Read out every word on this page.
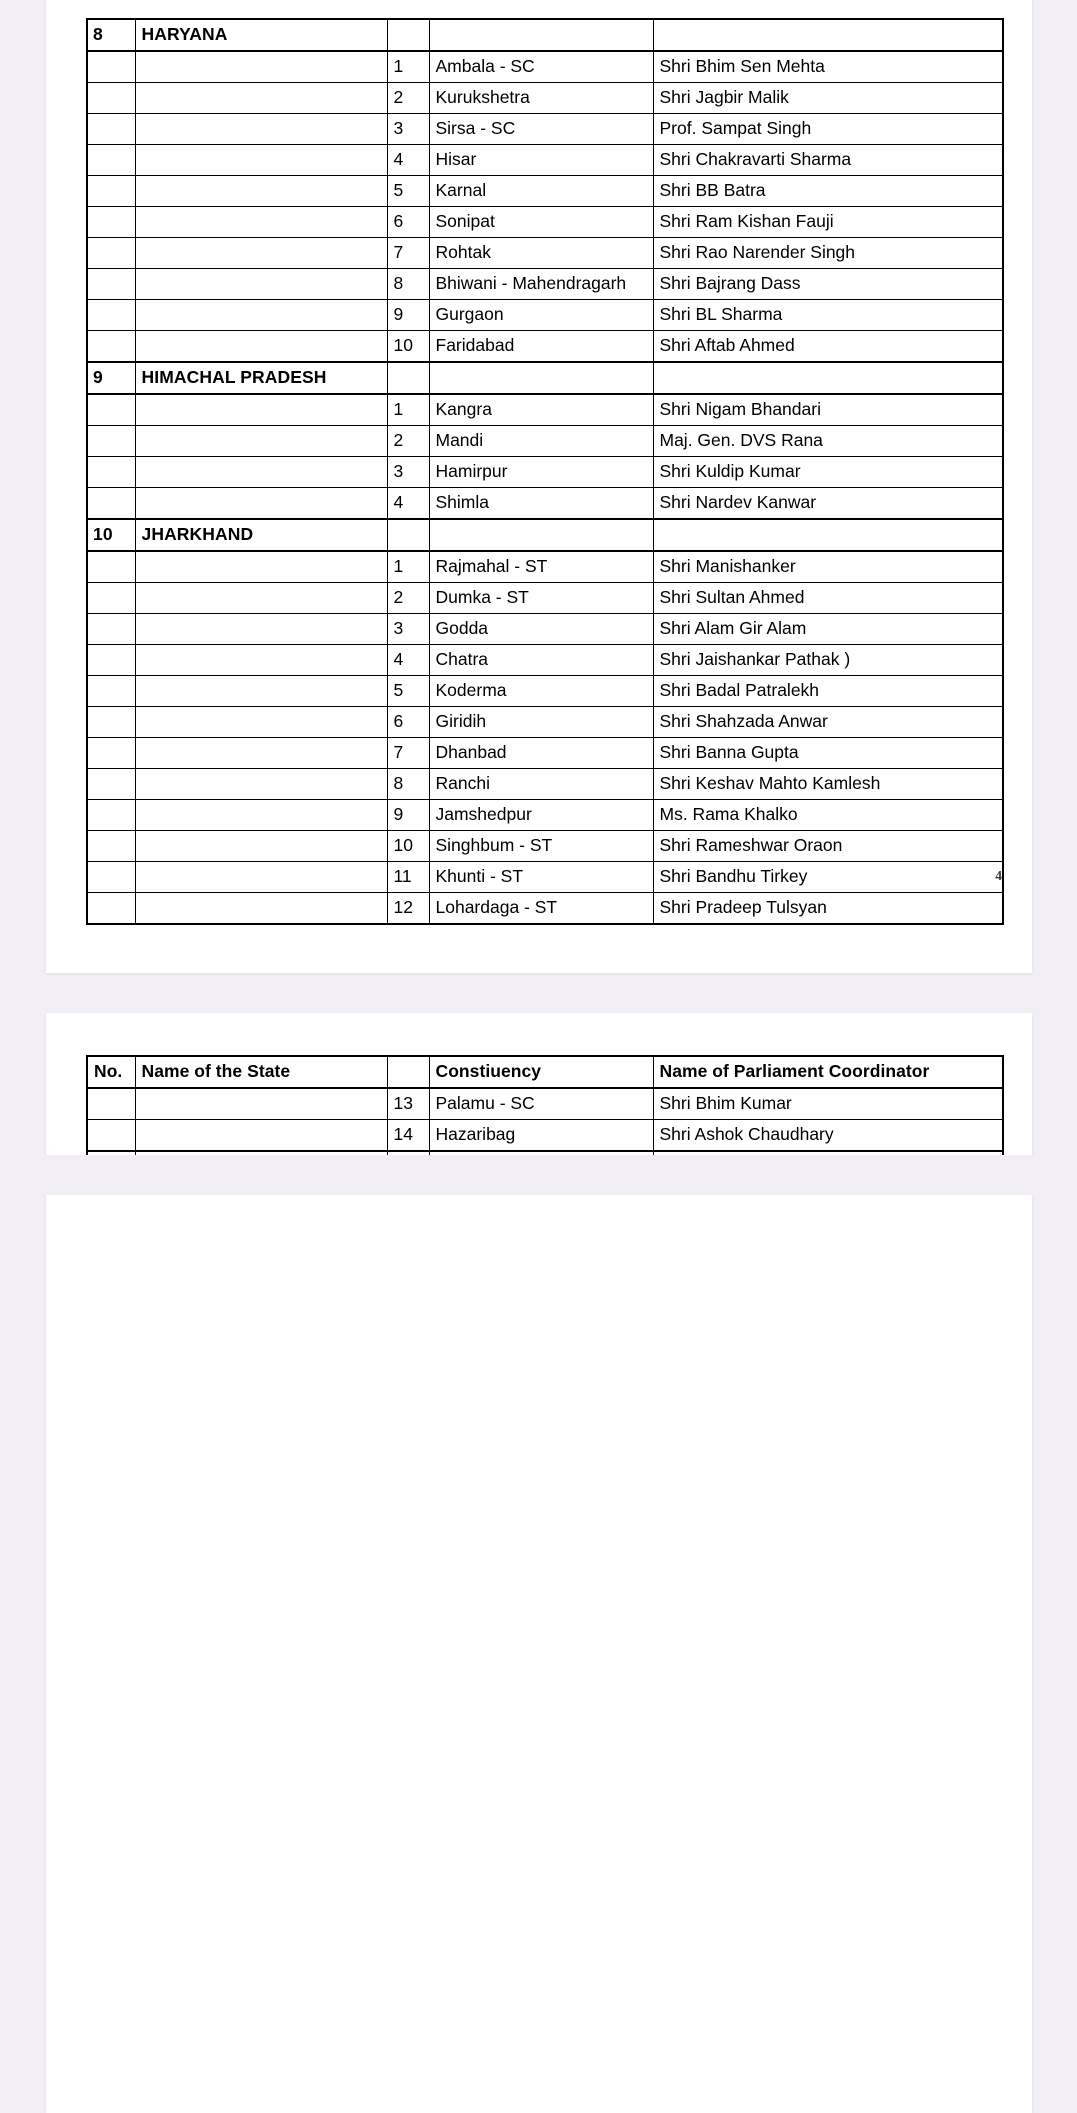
8	HARYANA			
		1	Ambala - SC	Shri Bhim Sen Mehta
		2	Kurukshetra	Shri Jagbir Malik
		3	Sirsa - SC	Prof. Sampat Singh
		4	Hisar	Shri Chakravarti Sharma
		5	Karnal	Shri BB Batra
		6	Sonipat	Shri Ram Kishan Fauji
		7	Rohtak	Shri Rao Narender Singh
		8	Bhiwani - Mahendragarh	Shri Bajrang Dass
		9	Gurgaon	Shri BL Sharma
		10	Faridabad	Shri Aftab Ahmed
9	HIMACHAL PRADESH			
		1	Kangra	Shri Nigam Bhandari
		2	Mandi	Maj. Gen. DVS Rana
		3	Hamirpur	Shri Kuldip Kumar
		4	Shimla	Shri Nardev Kanwar
10	JHARKHAND			
		1	Rajmahal - ST	Shri Manishanker
		2	Dumka - ST	Shri Sultan Ahmed
		3	Godda	Shri Alam Gir Alam
		4	Chatra	Shri Jaishankar Pathak )
		5	Koderma	Shri Badal Patralekh
		6	Giridih	Shri Shahzada Anwar
		7	Dhanbad	Shri Banna Gupta
		8	Ranchi	Shri Keshav Mahto Kamlesh
		9	Jamshedpur	Ms. Rama Khalko
		10	Singhbum - ST	Shri Rameshwar Oraon
		11	Khunti - ST	Shri Bandhu Tirkey
		12	Lohardaga - ST	Shri Pradeep Tulsyan
4
No.	Name of the State		Constiuency	Name of Parliament Coordinator
		13	Palamu - SC	Shri Bhim Kumar
		14	Hazaribag	Shri Ashok Chaudhary
